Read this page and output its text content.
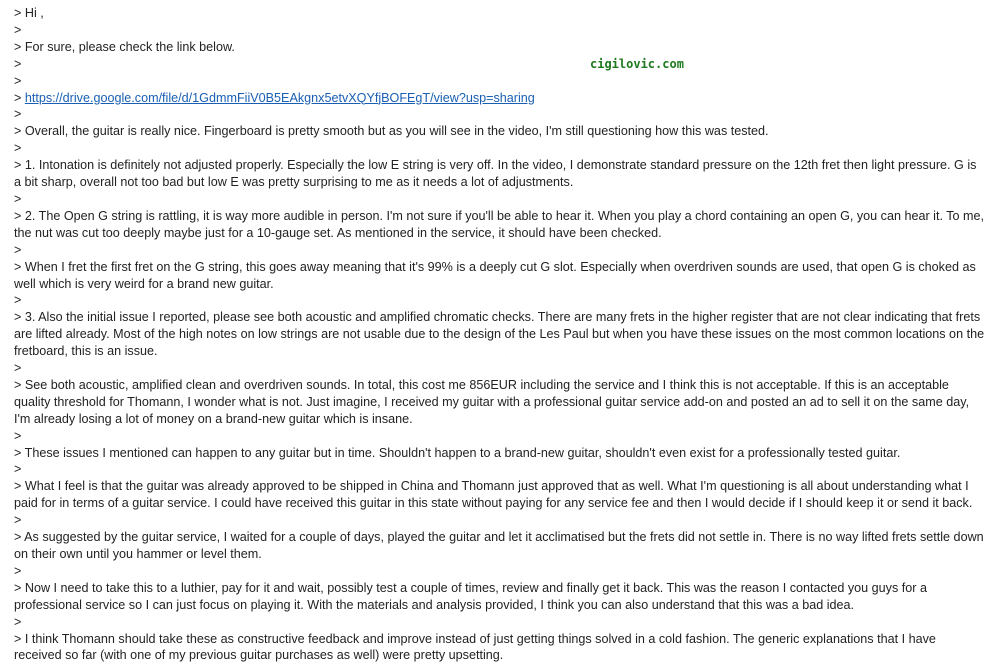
> Hi ,
>
> For sure, please check the link below.
>
>
> https://drive.google.com/file/d/1GdmmFiiV0B5EAkgnx5etvXQYfjBOFEgT/view?usp=sharing
>
> Overall, the guitar is really nice. Fingerboard is pretty smooth but as you will see in the video, I'm still questioning how this was tested.
>
> 1. Intonation is definitely not adjusted properly. Especially the low E string is very off. In the video, I demonstrate standard pressure on the 12th fret then light pressure. G is a bit sharp, overall not too bad but low E was pretty surprising to me as it needs a lot of adjustments.
>
> 2. The Open G string is rattling, it is way more audible in person. I'm not sure if you'll be able to hear it. When you play a chord containing an open G, you can hear it. To me, the nut was cut too deeply maybe just for a 10-gauge set. As mentioned in the service, it should have been checked.
>
> When I fret the first fret on the G string, this goes away meaning that it's 99% is a deeply cut G slot. Especially when overdriven sounds are used, that open G is choked as well which is very weird for a brand new guitar.
>
> 3. Also the initial issue I reported, please see both acoustic and amplified chromatic checks. There are many frets in the higher register that are not clear indicating that frets are lifted already. Most of the high notes on low strings are not usable due to the design of the Les Paul but when you have these issues on the most common locations on the fretboard, this is an issue.
>
> See both acoustic, amplified clean and overdriven sounds. In total, this cost me 856EUR including the service and I think this is not acceptable. If this is an acceptable quality threshold for Thomann, I wonder what is not. Just imagine, I received my guitar with a professional guitar service add-on and posted an ad to sell it on the same day, I'm already losing a lot of money on a brand-new guitar which is insane.
>
> These issues I mentioned can happen to any guitar but in time. Shouldn't happen to a brand-new guitar, shouldn't even exist for a professionally tested guitar.
>
> What I feel is that the guitar was already approved to be shipped in China and Thomann just approved that as well. What I'm questioning is all about understanding what I paid for in terms of a guitar service. I could have received this guitar in this state without paying for any service fee and then I would decide if I should keep it or send it back.
>
> As suggested by the guitar service, I waited for a couple of days, played the guitar and let it acclimatised but the frets did not settle in. There is no way lifted frets settle down on their own until you hammer or level them.
>
> Now I need to take this to a luthier, pay for it and wait, possibly test a couple of times, review and finally get it back. This was the reason I contacted you guys for a professional service so I can just focus on playing it. With the materials and analysis provided, I think you can also understand that this was a bad idea.
>
> I think Thomann should take these as constructive feedback and improve instead of just getting things solved in a cold fashion. The generic explanations that I have received so far (with one of my previous guitar purchases as well) were pretty upsetting.
cigilovic.com
